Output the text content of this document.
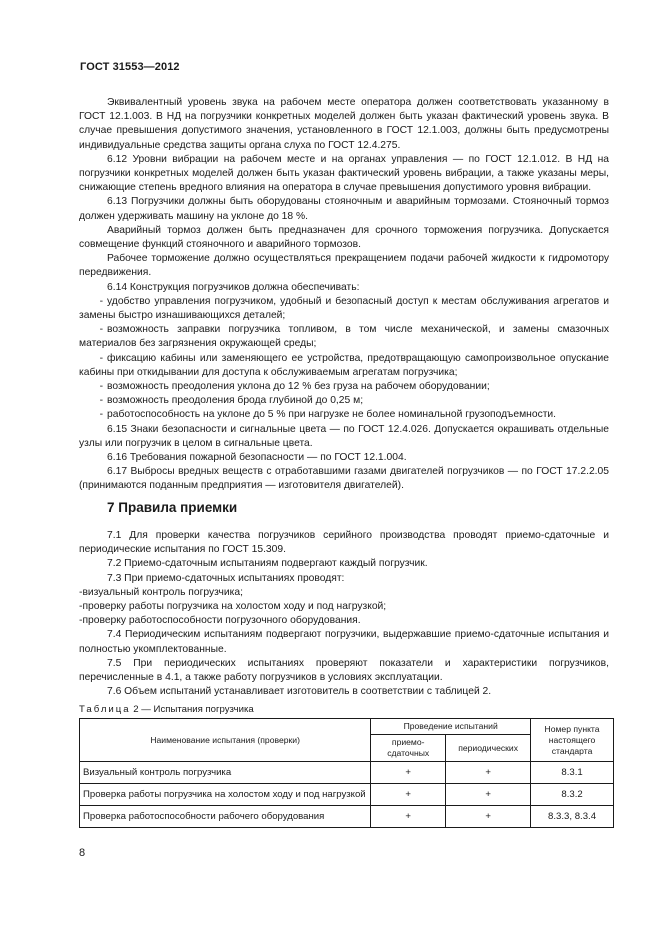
ГОСТ 31553—2012

Эквивалентный уровень звука на рабочем месте оператора должен соответствовать указанному в ГОСТ 12.1.003. В НД на погрузчики конкретных моделей должен быть указан фактический уровень звука. В случае превышения допустимого значения, установленного в ГОСТ 12.1.003, должны быть предусмотрены индивидуальные средства защиты органа слуха по ГОСТ 12.4.275.

6.12 Уровни вибрации на рабочем месте и на органах управления — по ГОСТ 12.1.012. В НД на погрузчики конкретных моделей должен быть указан фактический уровень вибрации, а также указаны меры, снижающие степень вредного влияния на оператора в случае превышения допустимого уровня вибрации.

6.13 Погрузчики должны быть оборудованы стояночным и аварийным тормозами. Стояночный тормоз должен удерживать машину на уклоне до 18 %.

Аварийный тормоз должен быть предназначен для срочного торможения погрузчика. Допускается совмещение функций стояночного и аварийного тормозов.

Рабочее торможение должно осуществляться прекращением подачи рабочей жидкости к гидромотору передвижения.

6.14 Конструкция погрузчиков должна обеспечивать:

- удобство управления погрузчиком, удобный и безопасный доступ к местам обслуживания агрегатов и замены быстро изнашивающихся деталей;

- возможность заправки погрузчика топливом, в том числе механической, и замены смазочных материалов без загрязнения окружающей среды;

- фиксацию кабины или заменяющего ее устройства, предотвращающую самопроизвольное опускание кабины при откидывании для доступа к обслуживаемым агрегатам погрузчика;

- возможность преодоления уклона до 12 % без груза на рабочем оборудовании;

- возможность преодоления брода глубиной до 0,25 м;

- работоспособность на уклоне до 5 % при нагрузке не более номинальной грузоподъемности.

6.15 Знаки безопасности и сигнальные цвета — по ГОСТ 12.4.026. Допускается окрашивать отдельные узлы или погрузчик в целом в сигнальные цвета.

6.16 Требования пожарной безопасности — по ГОСТ 12.1.004.

6.17 Выбросы вредных веществ с отработавшими газами двигателей погрузчиков — по ГОСТ 17.2.2.05 (принимаются поданным предприятия — изготовителя двигателей).

7 Правила приемки

7.1 Для проверки качества погрузчиков серийного производства проводят приемо-сдаточные и периодические испытания по ГОСТ 15.309.

7.2 Приемо-сдаточным испытаниям подвергают каждый погрузчик.

7.3 При приемо-сдаточных испытаниях проводят:

-визуальный контроль погрузчика;

-проверку работы погрузчика на холостом ходу и под нагрузкой;

-проверку работоспособности погрузочного оборудования.

7.4 Периодическим испытаниям подвергают погрузчики, выдержавшие приемо-сдаточные испытания и полностью укомплектованные.

7.5 При периодических испытаниях проверяют показатели и характеристики погрузчиков, перечисленные в 4.1, а также работу погрузчиков в условиях эксплуатации.

7.6 Объем испытаний устанавливает изготовитель в соответствии с таблицей 2.

Таблица 2 — Испытания погрузчика
Наименование испытания (проверки)	Проведение испытаний		Номер пункта настоящего стандарта
	приемо-сдаточных	периодических	
Визуальный контроль погрузчика	+	+	8.3.1
Проверка работы погрузчика на холостом ходу и под нагрузкой	+	+	8.3.2
Проверка работоспособности рабочего оборудования	+	+	8.3.3, 8.3.4
8
